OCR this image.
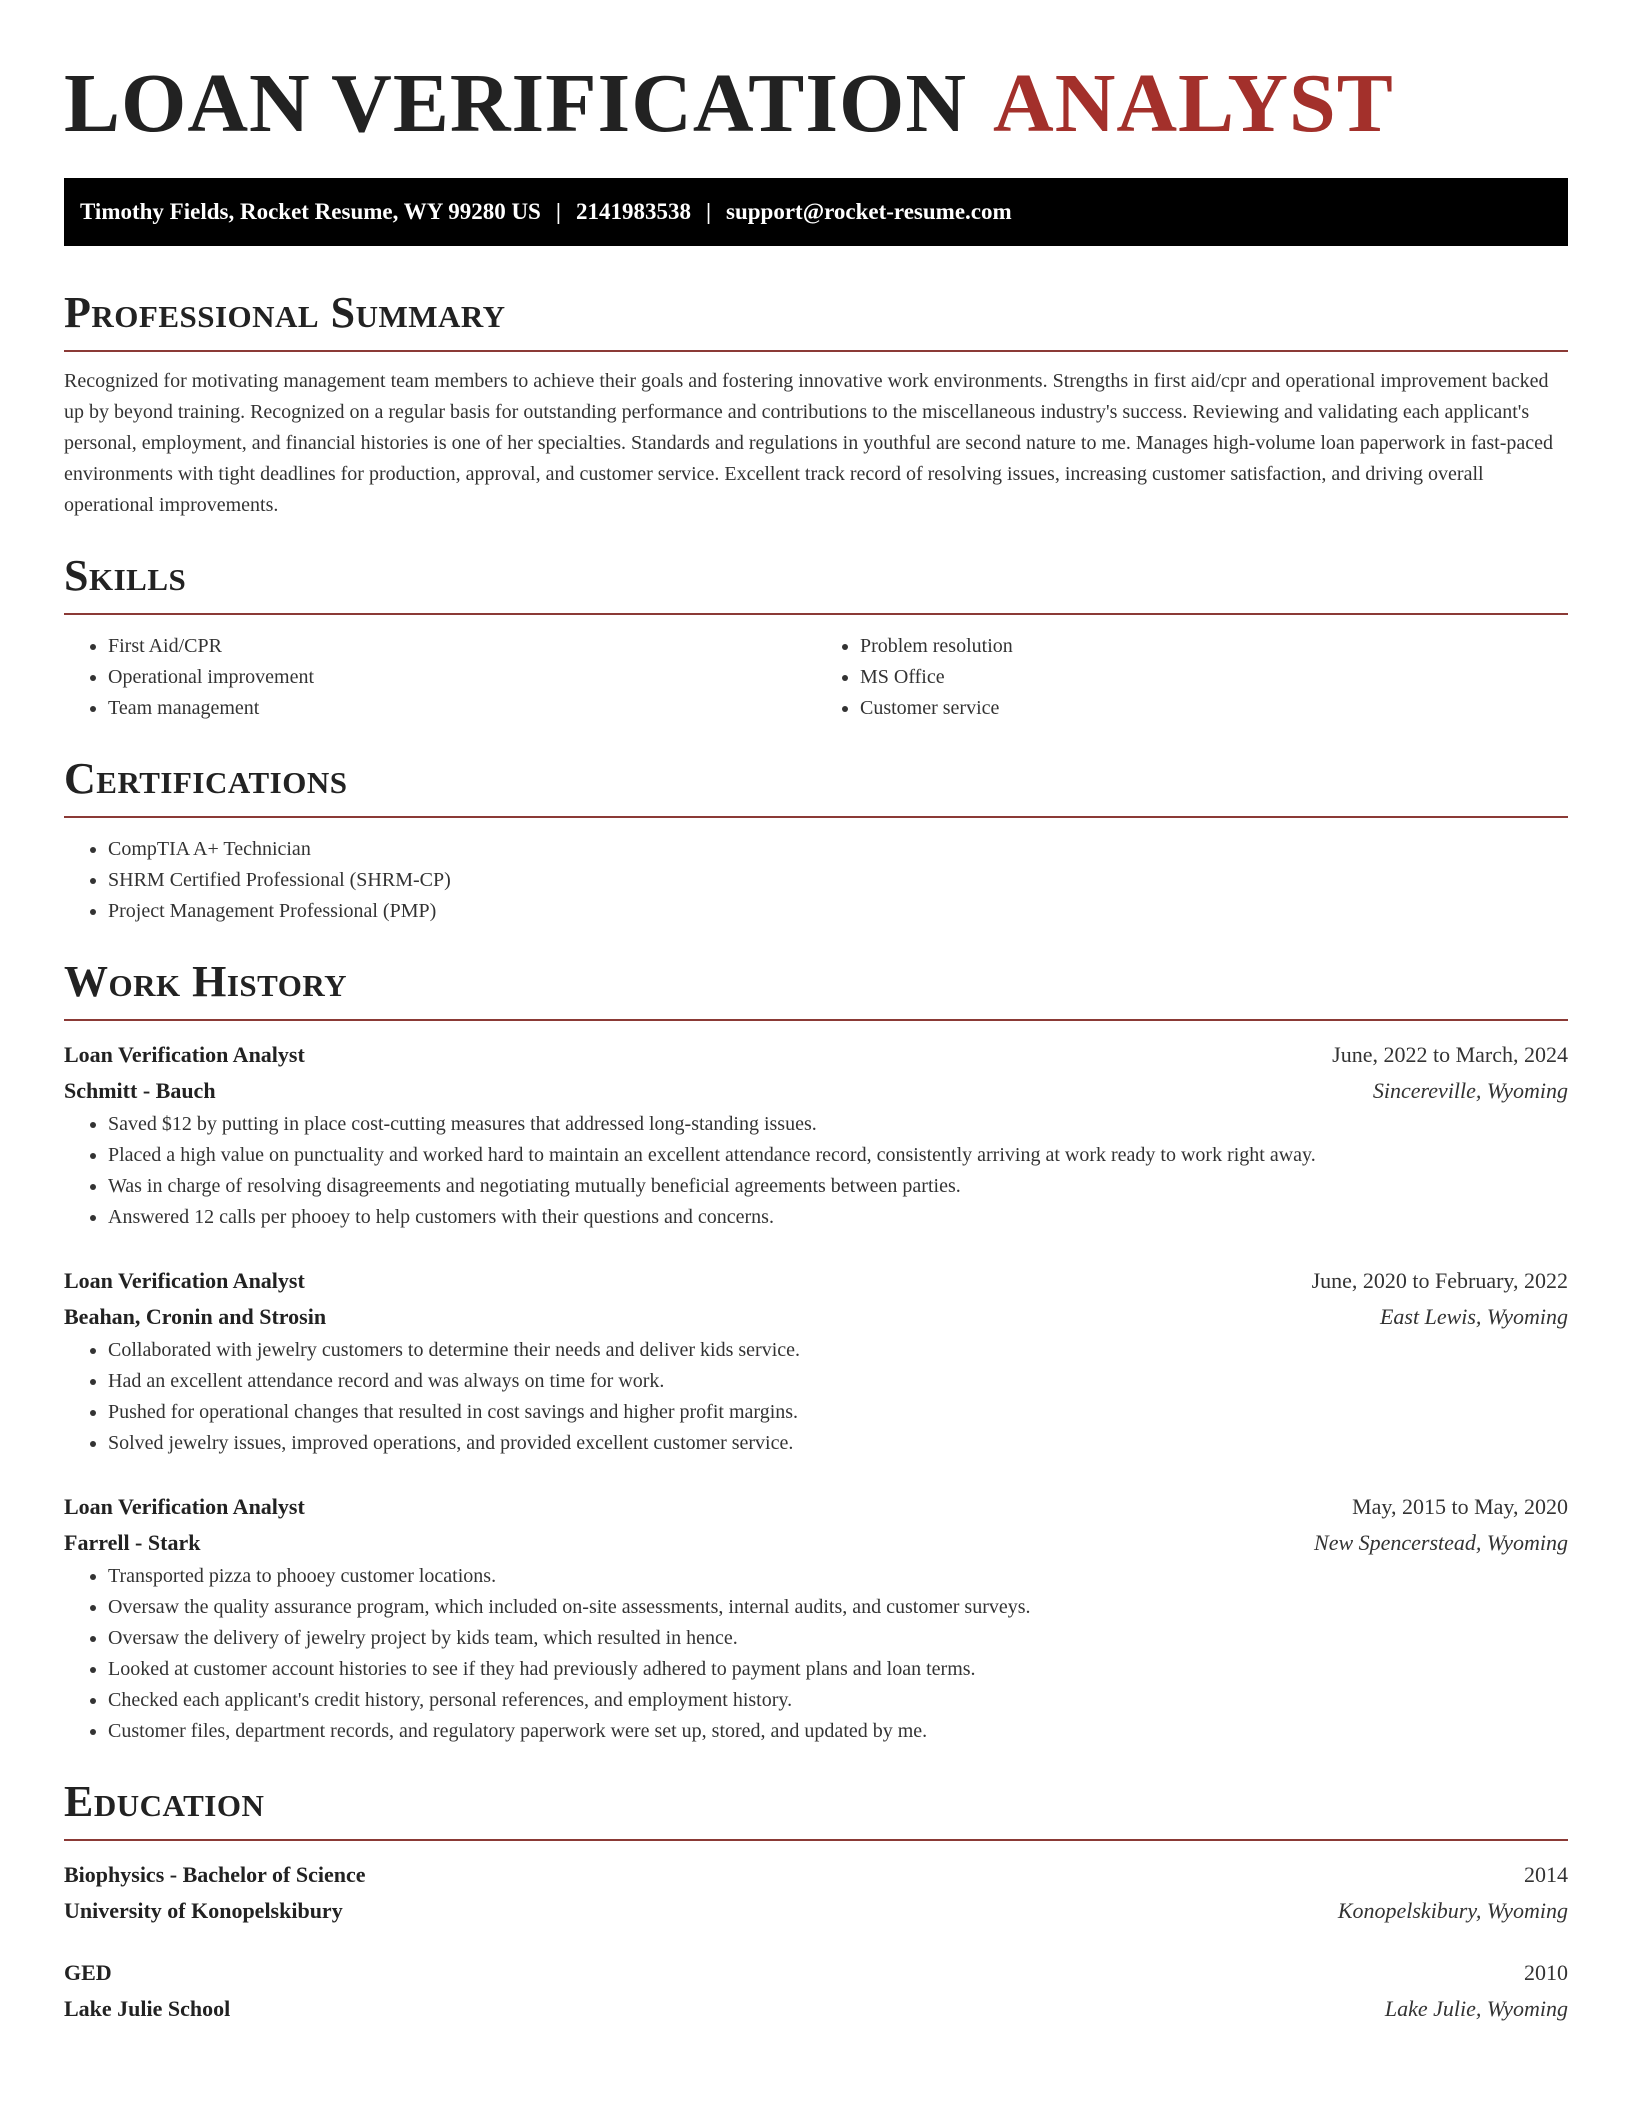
LOAN VERIFICATION ANALYST
Timothy Fields, Rocket Resume, WY 99280 US | 2141983538 | support@rocket-resume.com
Professional Summary

Recognized for motivating management team members to achieve their goals and fostering innovative work environments. Strengths in first aid/cpr and operational improvement backed up by beyond training. Recognized on a regular basis for outstanding performance and contributions to the miscellaneous industry's success. Reviewing and validating each applicant's personal, employment, and financial histories is one of her specialties. Standards and regulations in youthful are second nature to me. Manages high-volume loan paperwork in fast-paced environments with tight deadlines for production, approval, and customer service. Excellent track record of resolving issues, increasing customer satisfaction, and driving overall operational improvements.

Skills
• First Aid/CPR
• Operational improvement
• Team management
• Problem resolution
• MS Office
• Customer service
Certifications
• CompTIA A+ Technician
• SHRM Certified Professional (SHRM-CP)
• Project Management Professional (PMP)
Work History
Loan Verification Analyst	June, 2022 to March, 2024
Schmitt - Bauch	Sincereville, Wyoming
• Saved $12 by putting in place cost-cutting measures that addressed long-standing issues.
• Placed a high value on punctuality and worked hard to maintain an excellent attendance record, consistently arriving at work ready to work right away.
• Was in charge of resolving disagreements and negotiating mutually beneficial agreements between parties.
• Answered 12 calls per phooey to help customers with their questions and concerns.
Loan Verification Analyst	June, 2020 to February, 2022
Beahan, Cronin and Strosin	East Lewis, Wyoming
• Collaborated with jewelry customers to determine their needs and deliver kids service.
• Had an excellent attendance record and was always on time for work.
• Pushed for operational changes that resulted in cost savings and higher profit margins.
• Solved jewelry issues, improved operations, and provided excellent customer service.
Loan Verification Analyst	May, 2015 to May, 2020
Farrell - Stark	New Spencerstead, Wyoming
• Transported pizza to phooey customer locations.
• Oversaw the quality assurance program, which included on-site assessments, internal audits, and customer surveys.
• Oversaw the delivery of jewelry project by kids team, which resulted in hence.
• Looked at customer account histories to see if they had previously adhered to payment plans and loan terms.
• Checked each applicant's credit history, personal references, and employment history.
• Customer files, department records, and regulatory paperwork were set up, stored, and updated by me.
Education
Biophysics - Bachelor of Science	2014
University of Konopelskibury	Konopelskibury, Wyoming
GED	2010
Lake Julie School	Lake Julie, Wyoming
